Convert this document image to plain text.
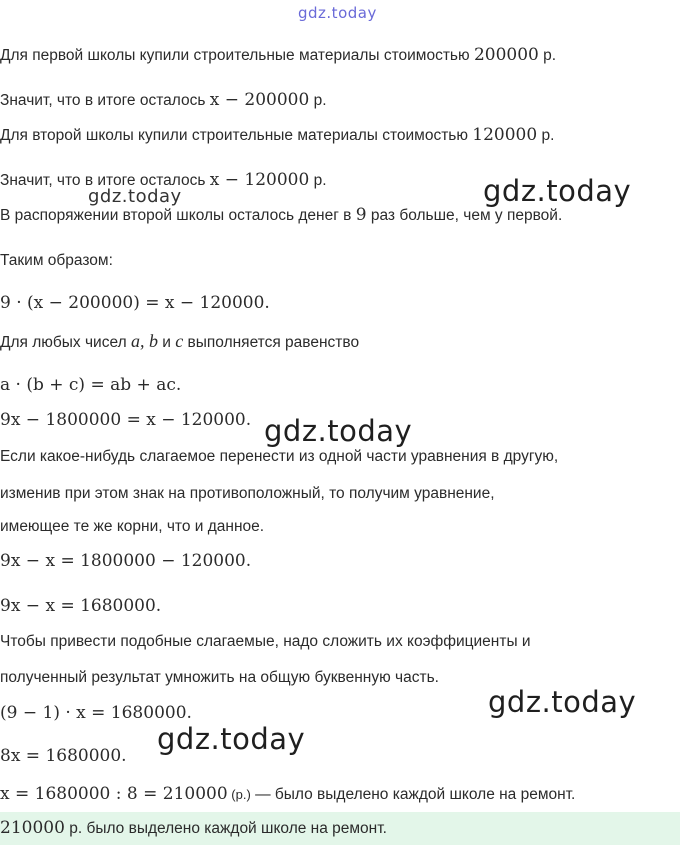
gdz.today
gdz.today	gdz.today
gdz.today
gdz.today
gdz.today
Для первой школы купили строительные материалы стоимостью 200000 р.
Значит, что в итоге осталось x − 200000 р.
Для второй школы купили строительные материалы стоимостью 120000 р.
Значит, что в итоге осталось x − 120000 р.
В распоряжении второй школы осталось денег в 9 раз больше, чем у первой.
Таким образом:
9 · (x − 200000) = x − 120000.
Для любых чисел a, b и c выполняется равенство
a · (b + c) = ab + ac.
9x − 1800000 = x − 120000.
Если какое-нибудь слагаемое перенести из одной части уравнения в другую,
изменив при этом знак на противоположный, то получим уравнение,
имеющее те же корни, что и данное.
9x − x = 1800000 − 120000.
9x − x = 1680000.
Чтобы привести подобные слагаемые, надо сложить их коэффициенты и
полученный результат умножить на общую буквенную часть.
(9 − 1) · x = 1680000.
8x = 1680000.
x = 1680000 : 8 = 210000 (р.) — было выделено каждой школе на ремонт.
210000 р. было выделено каждой школе на ремонт.
